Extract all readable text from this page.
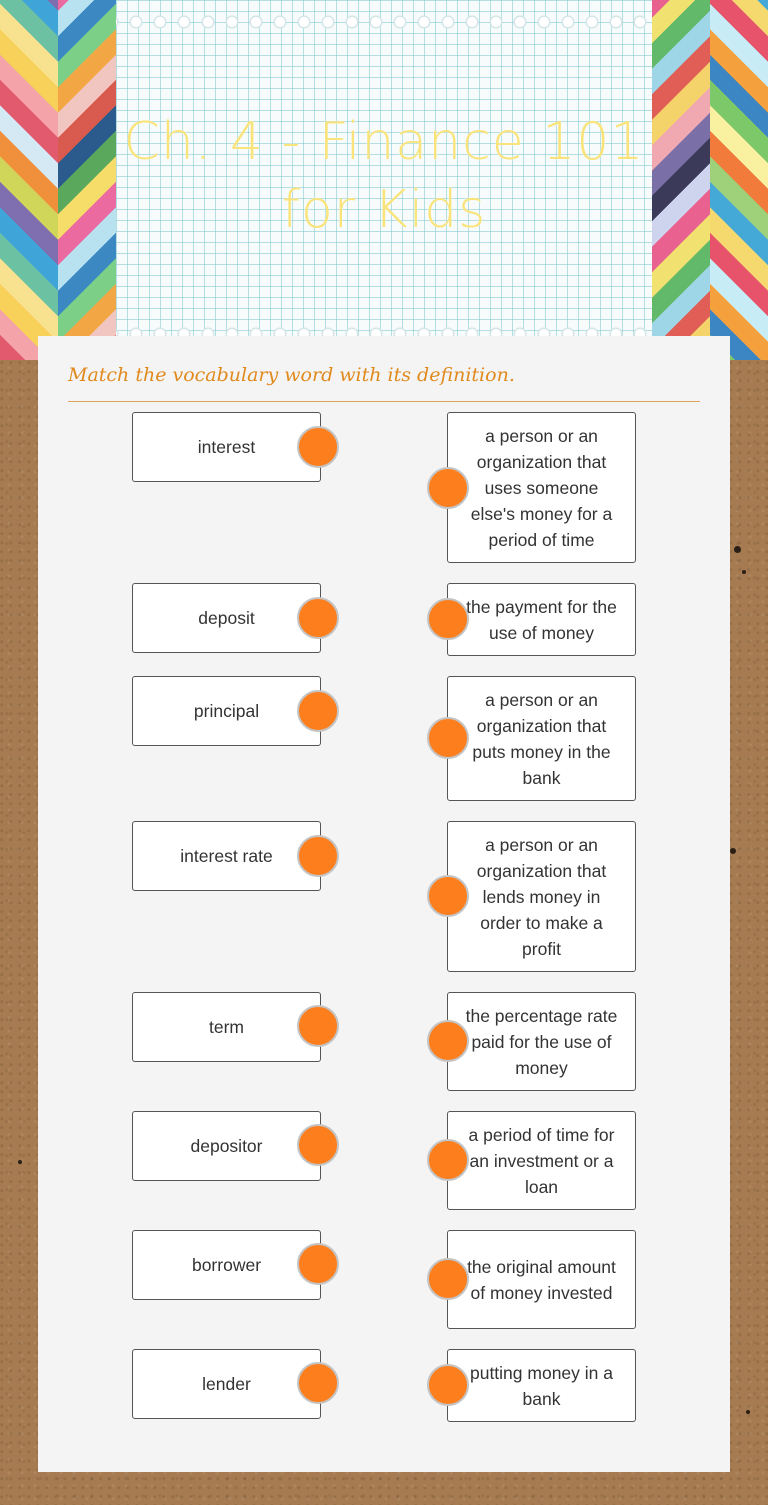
Ch. 4 - Finance 101 for Kids
Match the vocabulary word with its definition.
interest
deposit
principal
interest rate
term
depositor
borrower
lender
a person or an organization that uses someone else's money for a period of time
the payment for the use of money
a person or an organization that puts money in the bank
a person or an organization that lends money in order to make a profit
the percentage rate paid for the use of money
a period of time for an investment or a loan
the original amount of money invested
putting money in a bank
